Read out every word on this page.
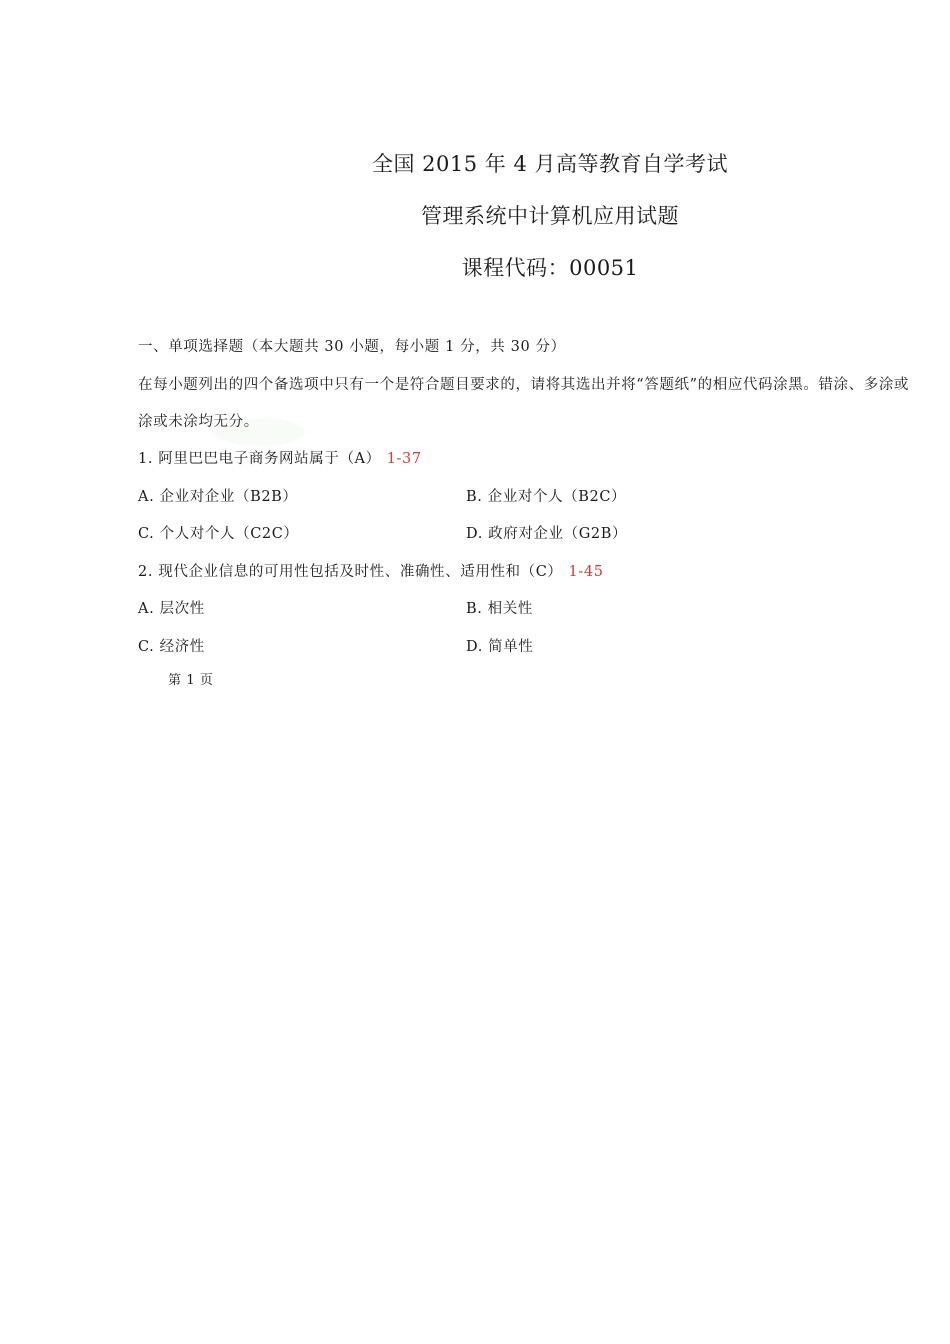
全国 2015 年 4 月高等教育自学考试
管理系统中计算机应用试题
课程代码：00051
一、单项选择题（本大题共 30 小题，每小题 1 分，共 30 分）
在每小题列出的四个备选项中只有一个是符合题目要求的，请将其选出并将“答题纸”的相应代码涂黑。错涂、多涂或
涂或未涂均无分。
1. 阿里巴巴电子商务网站属于（A） 1-37
A. 企业对企业（B2B）	B. 企业对个人（B2C）
C. 个人对个人（C2C）	D. 政府对企业（G2B）
2. 现代企业信息的可用性包括及时性、准确性、适用性和（C） 1-45
A. 层次性	B. 相关性
C. 经济性	D. 简单性
第 1 页
